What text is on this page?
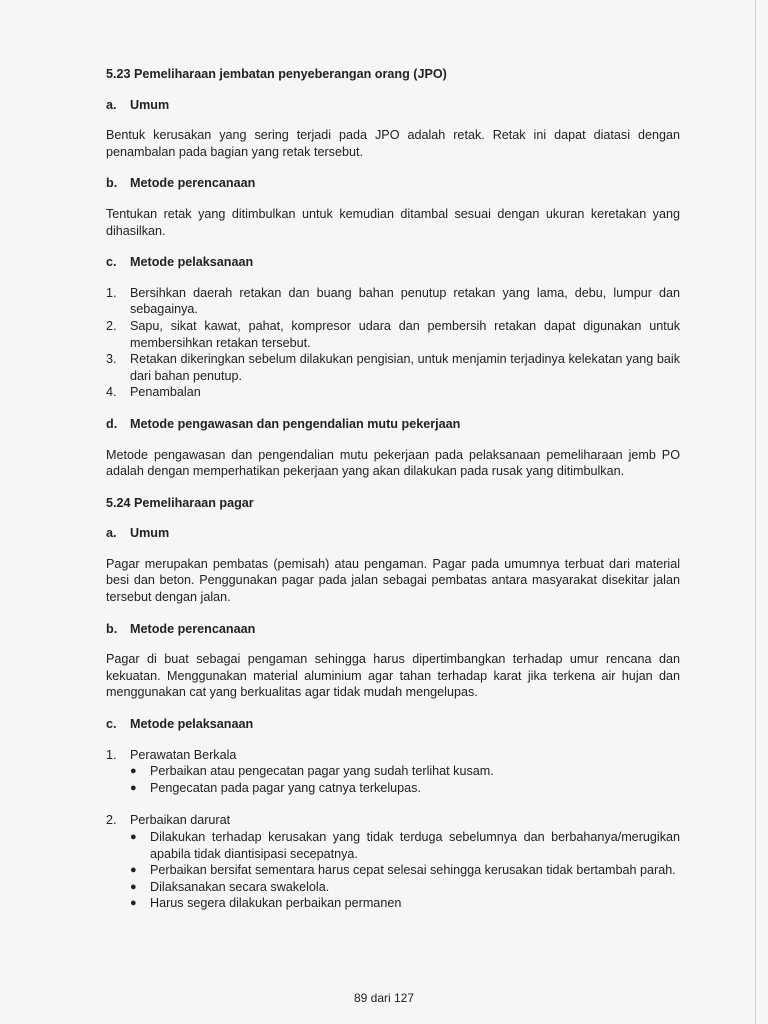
5.23 Pemeliharaan jembatan penyeberangan orang (JPO)
a.	Umum

Bentuk kerusakan yang sering terjadi pada JPO adalah retak. Retak ini dapat diatasi dengan penambalan pada bagian yang retak tersebut.

b.	Metode perencanaan

Tentukan retak yang ditimbulkan untuk kemudian ditambal sesuai dengan ukuran keretakan yang dihasilkan.

c.	Metode pelaksanaan
1.	Bersihkan daerah retakan dan buang bahan penutup retakan yang lama, debu, lumpur dan sebagainya.
2.	Sapu, sikat kawat, pahat, kompresor udara dan pembersih retakan dapat digunakan untuk membersihkan retakan tersebut.
3.	Retakan dikeringkan sebelum dilakukan pengisian, untuk menjamin terjadinya kelekatan yang baik dari bahan penutup.
4.	Penambalan
d.	Metode pengawasan dan pengendalian mutu pekerjaan

Metode pengawasan dan pengendalian mutu pekerjaan pada pelaksanaan pemeliharaan jemb PO adalah dengan memperhatikan pekerjaan yang akan dilakukan pada rusak yang ditimbulkan.

5.24 Pemeliharaan pagar
a.	Umum

Pagar merupakan pembatas (pemisah) atau pengaman. Pagar pada umumnya terbuat dari material besi dan beton. Penggunakan pagar pada jalan sebagai pembatas antara masyarakat disekitar jalan tersebut dengan jalan.

b.	Metode perencanaan

Pagar di buat sebagai pengaman sehingga harus dipertimbangkan terhadap umur rencana dan kekuatan. Menggunakan material aluminium agar tahan terhadap karat jika terkena air hujan dan menggunakan cat yang berkualitas agar tidak mudah mengelupas.

c.	Metode pelaksanaan
1.	Perawatan Berkala
●	Perbaikan atau pengecatan pagar yang sudah terlihat kusam.
●	Pengecatan pada pagar yang catnya terkelupas.
2.	Perbaikan darurat
●	Dilakukan terhadap kerusakan yang tidak terduga sebelumnya dan berbahanya/merugikan apabila tidak diantisipasi secepatnya.
●	Perbaikan bersifat sementara harus cepat selesai sehingga kerusakan tidak bertambah parah.
●	Dilaksanakan secara swakelola.
●	Harus segera dilakukan perbaikan permanen
89 dari 127
